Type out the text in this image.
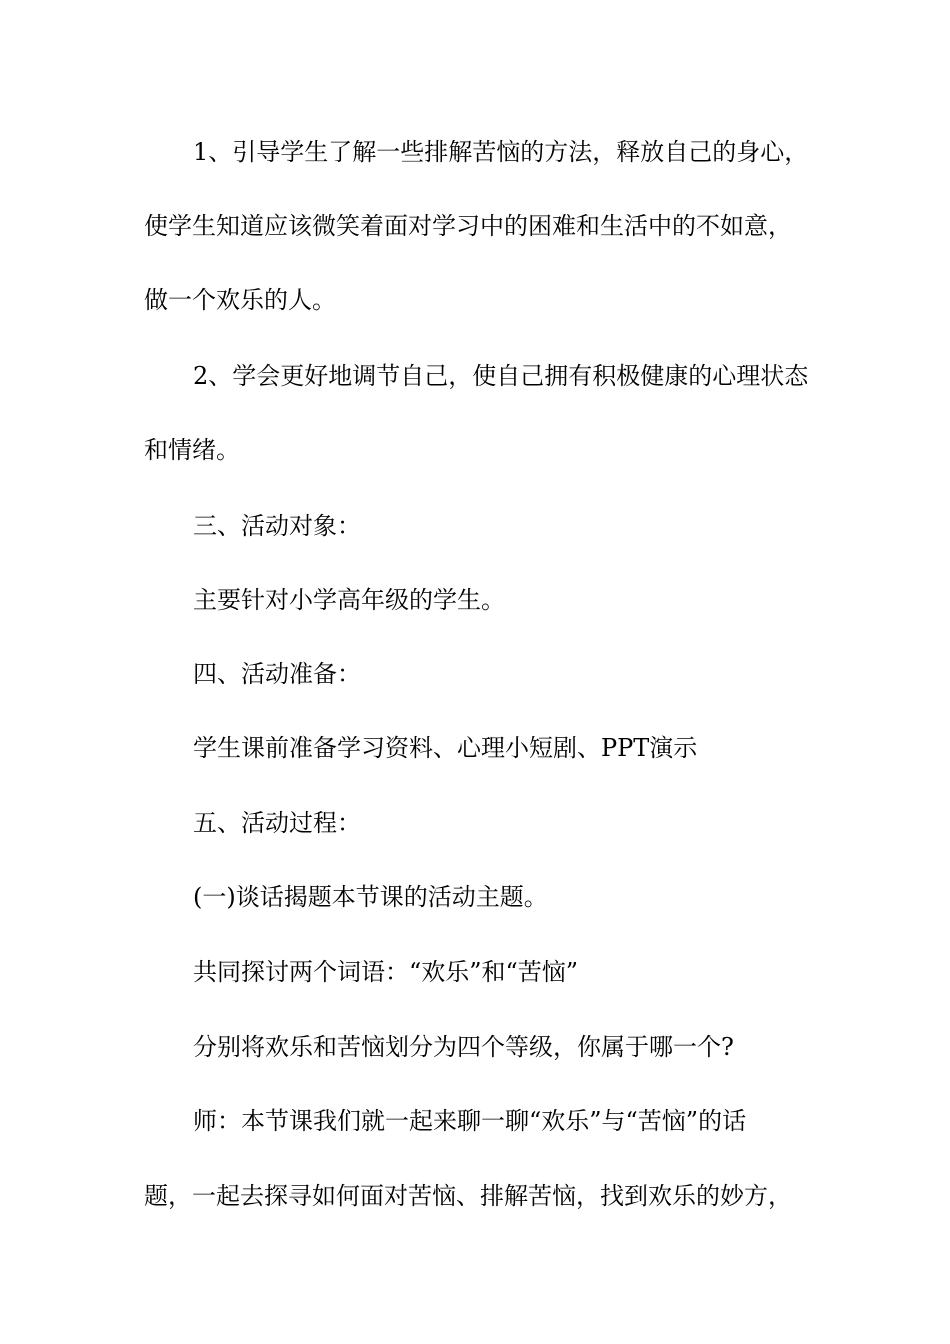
1、引导学生了解一些排解苦恼的方法，释放自己的身心，
使学生知道应该微笑着面对学习中的困难和生活中的不如意，
做一个欢乐的人。
2、学会更好地调节自己，使自己拥有积极健康的心理状态
和情绪。
三、活动对象：
主要针对小学高年级的学生。
四、活动准备：
学生课前准备学习资料、心理小短剧、PPT演示
五、活动过程：
(一)谈话揭题本节课的活动主题。
共同探讨两个词语：“欢乐”和“苦恼”
分别将欢乐和苦恼划分为四个等级，你属于哪一个?
师：本节课我们就一起来聊一聊“欢乐”与“苦恼”的话
题，一起去探寻如何面对苦恼、排解苦恼，找到欢乐的妙方，
